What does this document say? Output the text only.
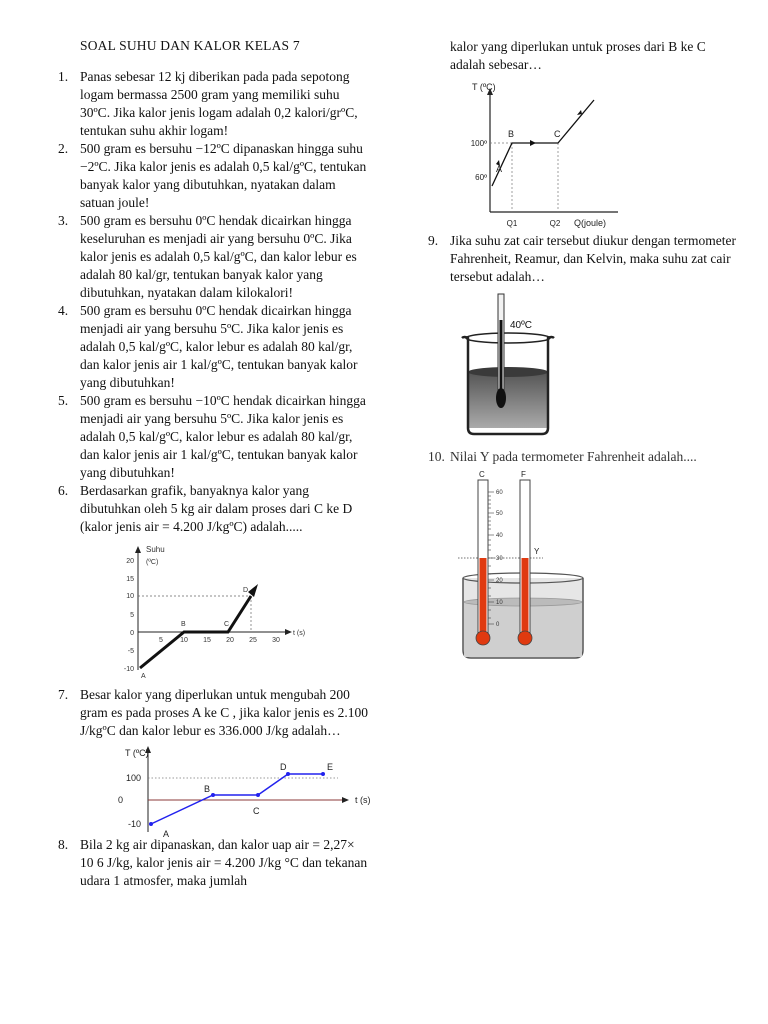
SOAL SUHU DAN KALOR KELAS 7
1. Panas sebesar 12 kj diberikan pada pada sepotong logam bermassa 2500 gram yang memiliki suhu 30ºC. Jika kalor jenis logam adalah 0,2 kalori/grºC, tentukan suhu akhir logam!
2. 500 gram es bersuhu −12ºC dipanaskan hingga suhu −2ºC. Jika kalor jenis es adalah 0,5 kal/gºC, tentukan banyak kalor yang dibutuhkan, nyatakan dalam satuan joule!
3. 500 gram es bersuhu 0ºC hendak dicairkan hingga keseluruhan es menjadi air yang bersuhu 0ºC. Jika kalor jenis es adalah 0,5 kal/gºC, dan kalor lebur es adalah 80 kal/gr, tentukan banyak kalor yang dibutuhkan, nyatakan dalam kilokalori!
4. 500 gram es bersuhu 0ºC hendak dicairkan hingga menjadi air yang bersuhu 5ºC. Jika kalor jenis es adalah 0,5 kal/gºC, kalor lebur es adalah 80 kal/gr, dan kalor jenis air 1 kal/gºC, tentukan banyak kalor yang dibutuhkan!
5. 500 gram es bersuhu −10ºC hendak dicairkan hingga menjadi air yang bersuhu 5ºC. Jika kalor jenis es adalah 0,5 kal/gºC, kalor lebur es adalah 80 kal/gr, dan kalor jenis air 1 kal/gºC, tentukan banyak kalor yang dibutuhkan!
6. Berdasarkan grafik, banyaknya kalor yang dibutuhkan oleh 5 kg air dalam proses dari C ke D (kalor jenis air = 4.200 J/kgºC) adalah.....
Suhu
(ºC)
t (s)
20
15
10
5
0
-5
-10
5 10 15 20 25 30
A
B	C
D
7. Besar kalor yang diperlukan untuk mengubah 200 gram es pada proses A ke C , jika kalor jenis es 2.100 J/kgºC dan kalor lebur es 336.000 J/kg adalah…
T (ºC)
t (s)
100
0
-10
A
B
C
D	E
8. Bila 2 kg air dipanaskan, dan kalor uap air = 2,27× 10 6 J/kg, kalor jenis air = 4.200 J/kg °C dan tekanan udara 1 atmosfer, maka jumlah
kalor yang diperlukan untuk proses dari B ke C adalah sebesar…
T (ºC)
Q(joule)
100º
60º
Q1	Q2
A
B	C
9. Jika suhu zat cair tersebut diukur dengan termometer Fahrenheit, Reamur, dan Kelvin, maka suhu zat cair tersebut adalah…
40ºC
10. Nilai Y pada termometer Fahrenheit adalah....
60
50
40
30
20
10
0
C	F
Y
